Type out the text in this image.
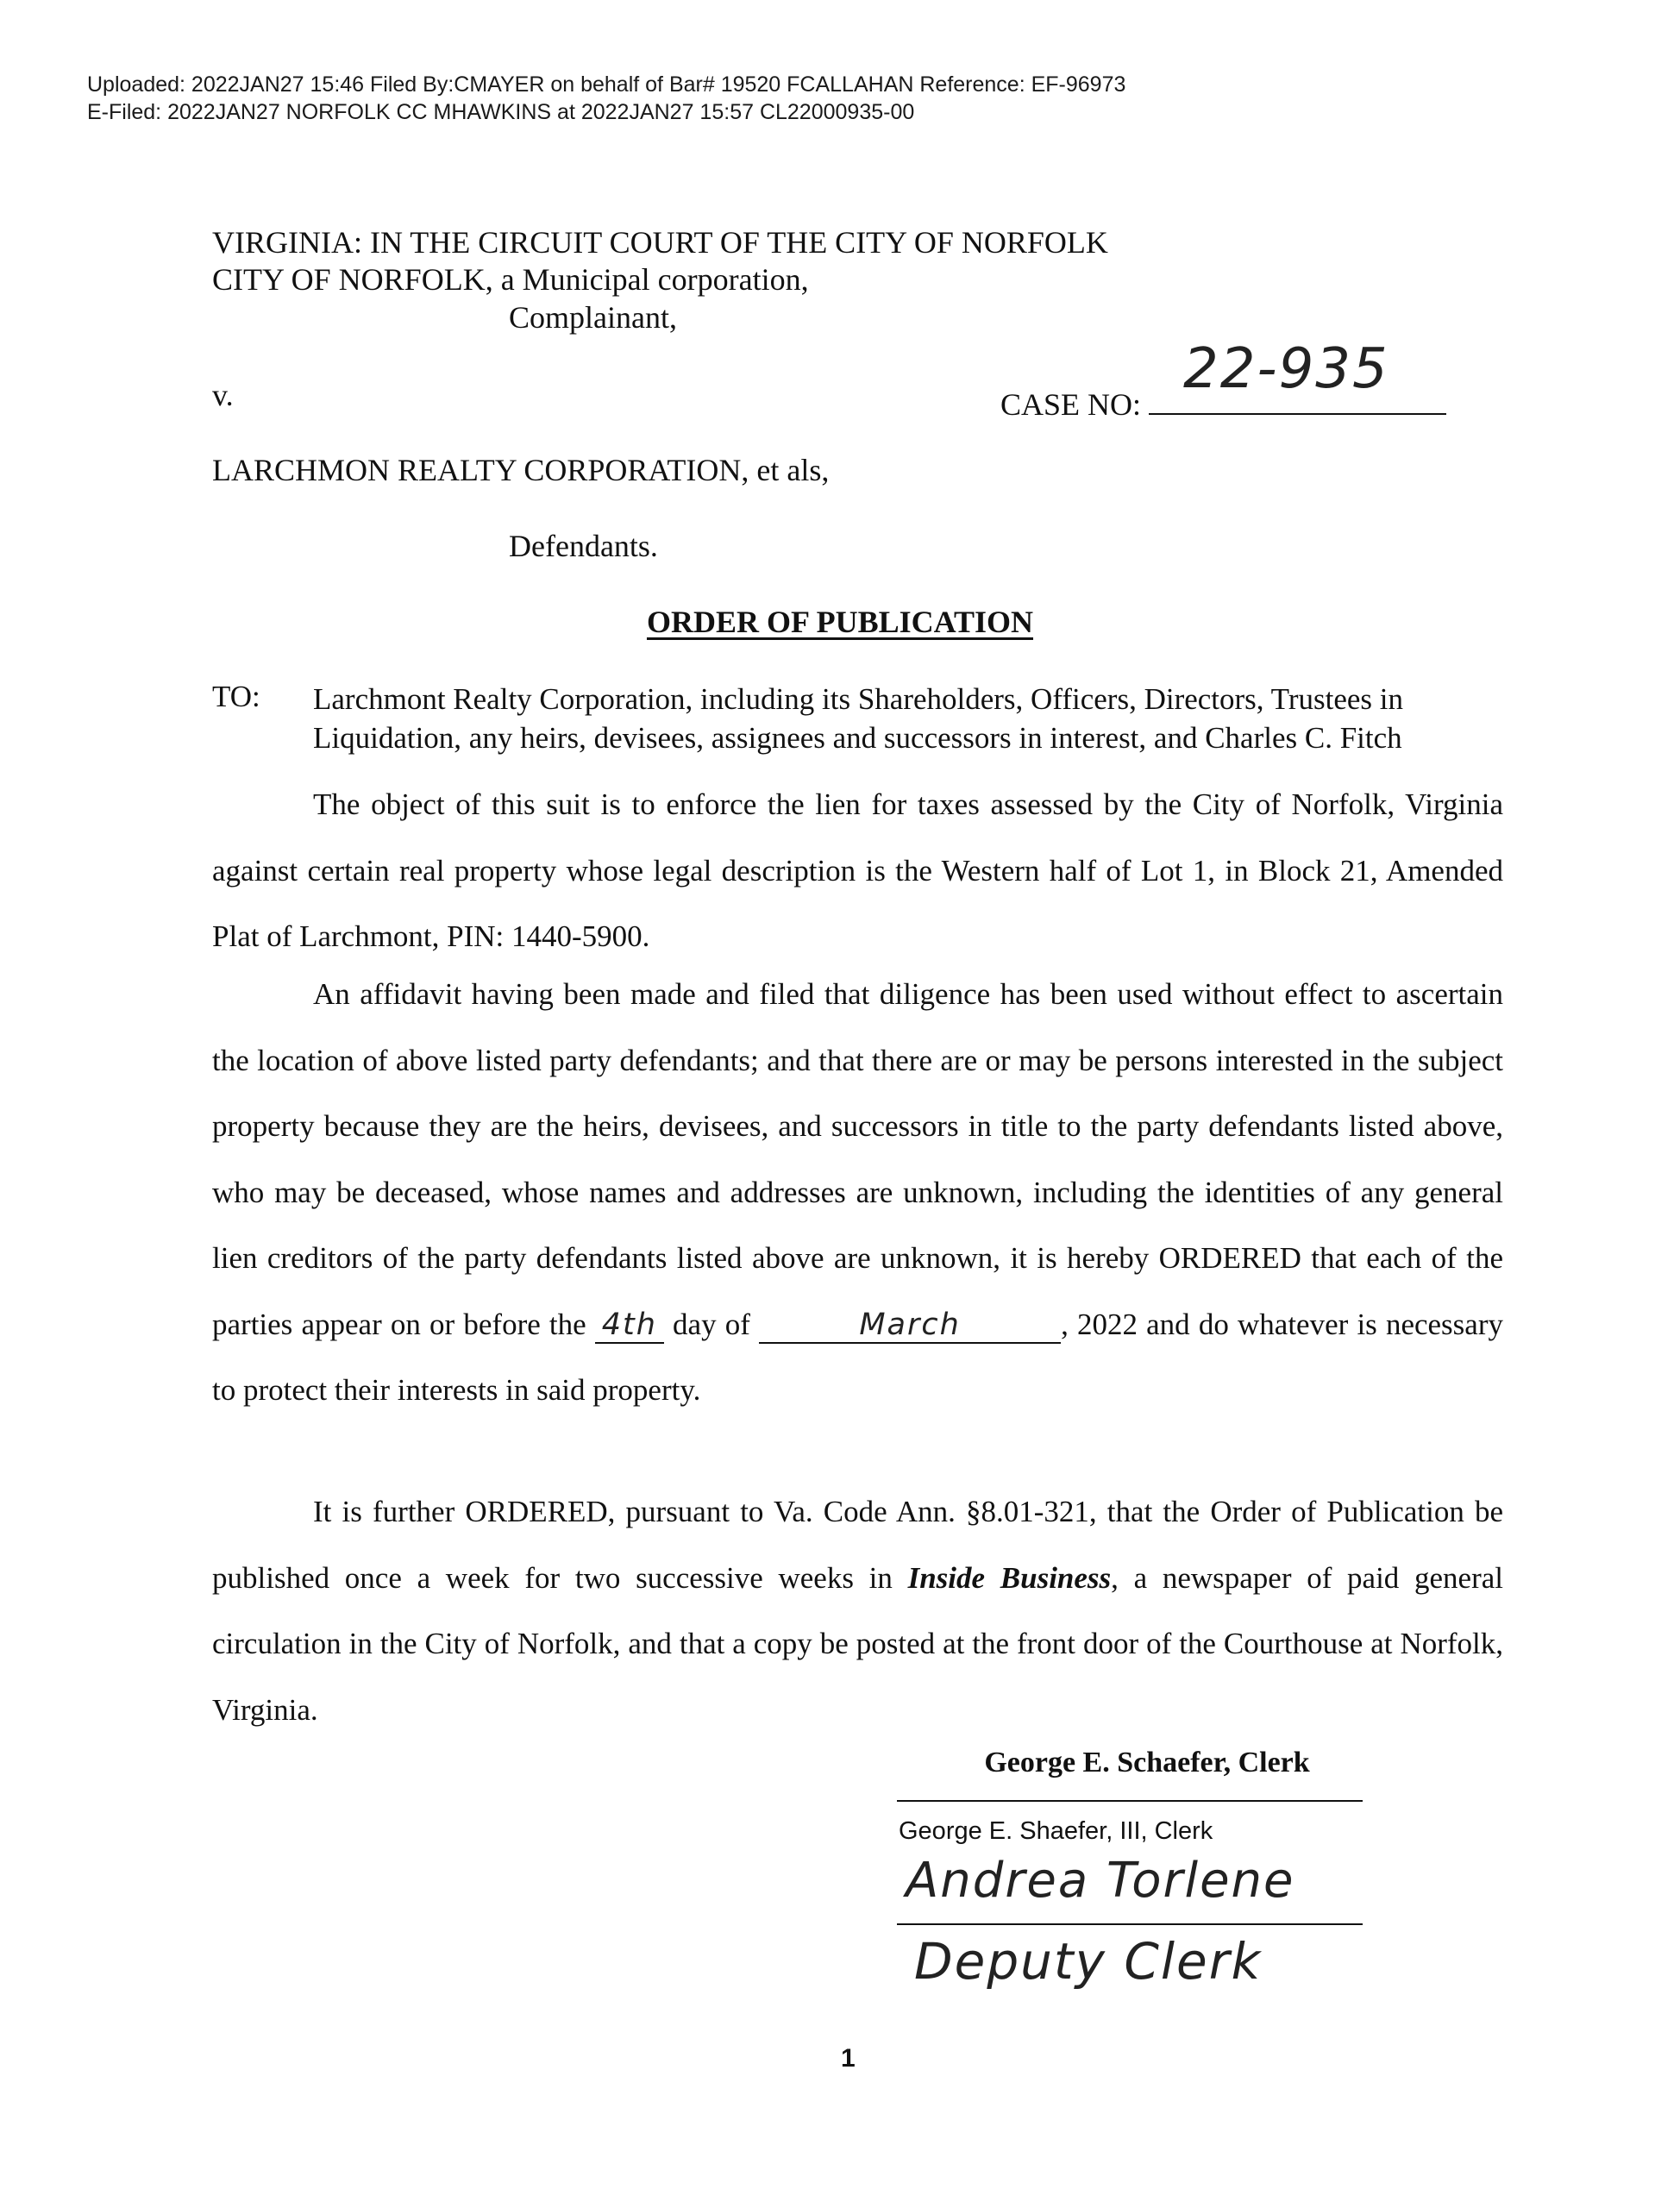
Uploaded: 2022JAN27 15:46 Filed By:CMAYER on behalf of Bar# 19520 FCALLAHAN Reference: EF-96973
E-Filed: 2022JAN27 NORFOLK CC MHAWKINS at 2022JAN27 15:57 CL22000935-00
VIRGINIA: IN THE CIRCUIT COURT OF THE CITY OF NORFOLK
CITY OF NORFOLK, a Municipal corporation,
Complainant,
v.	CASE NO:
22-935
LARCHMON REALTY CORPORATION, et als,
Defendants.
ORDER OF PUBLICATION
TO: Larchmont Realty Corporation, including its Shareholders, Officers, Directors, Trustees in Liquidation, any heirs, devisees, assignees and successors in interest, and Charles C. Fitch
The object of this suit is to enforce the lien for taxes assessed by the City of Norfolk, Virginia against certain real property whose legal description is the Western half of Lot 1, in Block 21, Amended Plat of Larchmont, PIN: 1440-5900.
An affidavit having been made and filed that diligence has been used without effect to ascertain the location of above listed party defendants; and that there are or may be persons interested in the subject property because they are the heirs, devisees, and successors in title to the party defendants listed above, who may be deceased, whose names and addresses are unknown, including the identities of any general lien creditors of the party defendants listed above are unknown, it is hereby ORDERED that each of the parties appear on or before the 4th day of	March	, 2022 and do whatever is necessary to protect their interests in said property.
It is further ORDERED, pursuant to Va. Code Ann. §8.01-321, that the Order of Publication be published once a week for two successive weeks in Inside Business, a newspaper of paid general circulation in the City of Norfolk, and that a copy be posted at the front door of the Courthouse at Norfolk, Virginia.
George E. Schaefer, Clerk
George E. Shaefer, III, Clerk
Andrea Torlene
Deputy Clerk
1
